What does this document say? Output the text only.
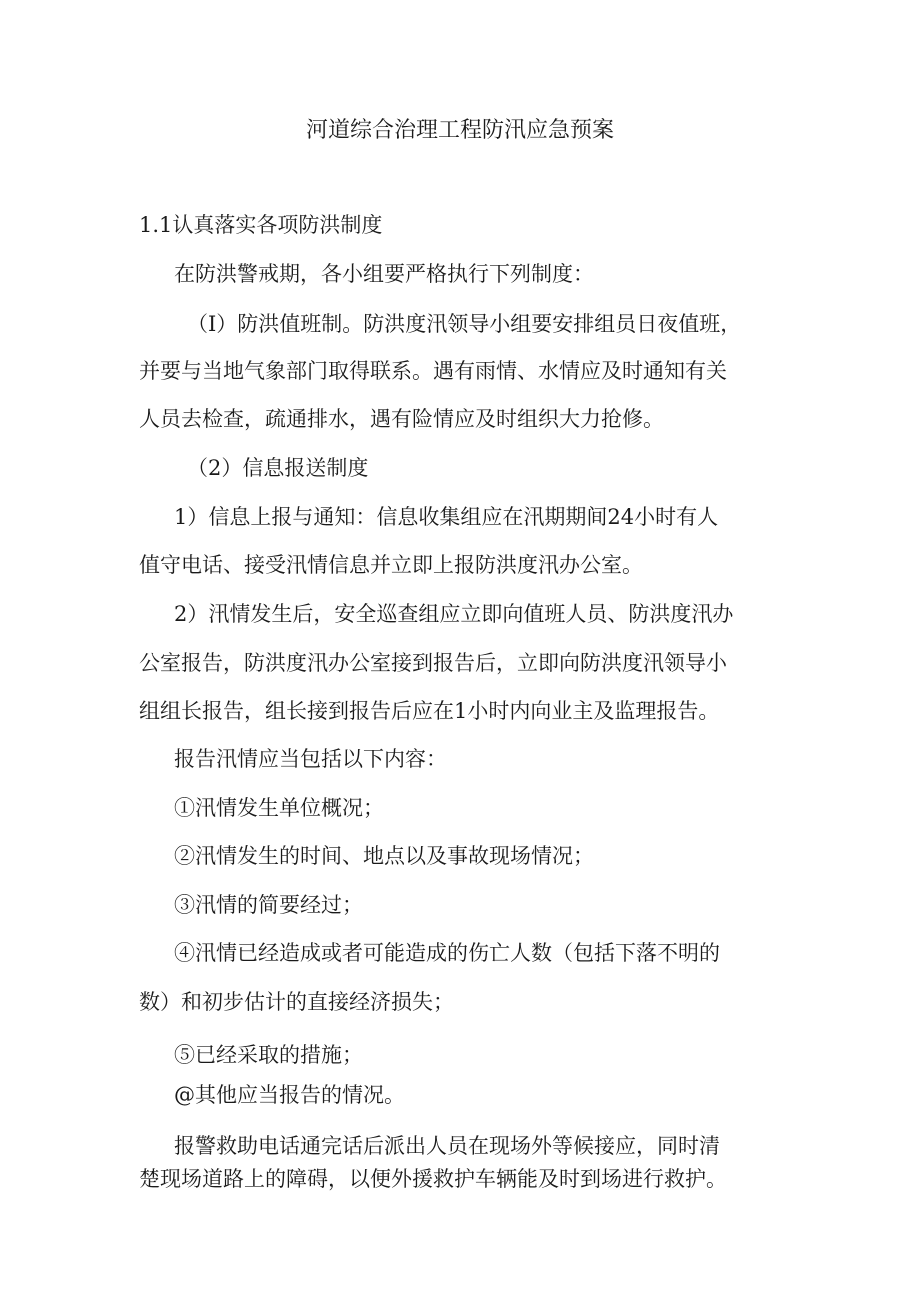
河道综合治理工程防汛应急预案
1.1认真落实各项防洪制度
在防洪警戒期，各小组要严格执行下列制度：
（I）防洪值班制。防洪度汛领导小组要安排组员日夜值班，
并要与当地气象部门取得联系。遇有雨情、水情应及时通知有关
人员去检查，疏通排水，遇有险情应及时组织大力抢修。
（2）信息报送制度
1）信息上报与通知：信息收集组应在汛期期间24小时有人
值守电话、接受汛情信息并立即上报防洪度汛办公室。
2）汛情发生后，安全巡查组应立即向值班人员、防洪度汛办
公室报告，防洪度汛办公室接到报告后，立即向防洪度汛领导小
组组长报告，组长接到报告后应在1小时内向业主及监理报告。
报告汛情应当包括以下内容：
①汛情发生单位概况；
②汛情发生的时间、地点以及事故现场情况；
③汛情的简要经过；
④汛情已经造成或者可能造成的伤亡人数（包括下落不明的
数）和初步估计的直接经济损失；
⑤已经采取的措施；
@其他应当报告的情况。
报警救助电话通完话后派出人员在现场外等候接应，同时清
楚现场道路上的障碍，以便外援救护车辆能及时到场进行救护。
